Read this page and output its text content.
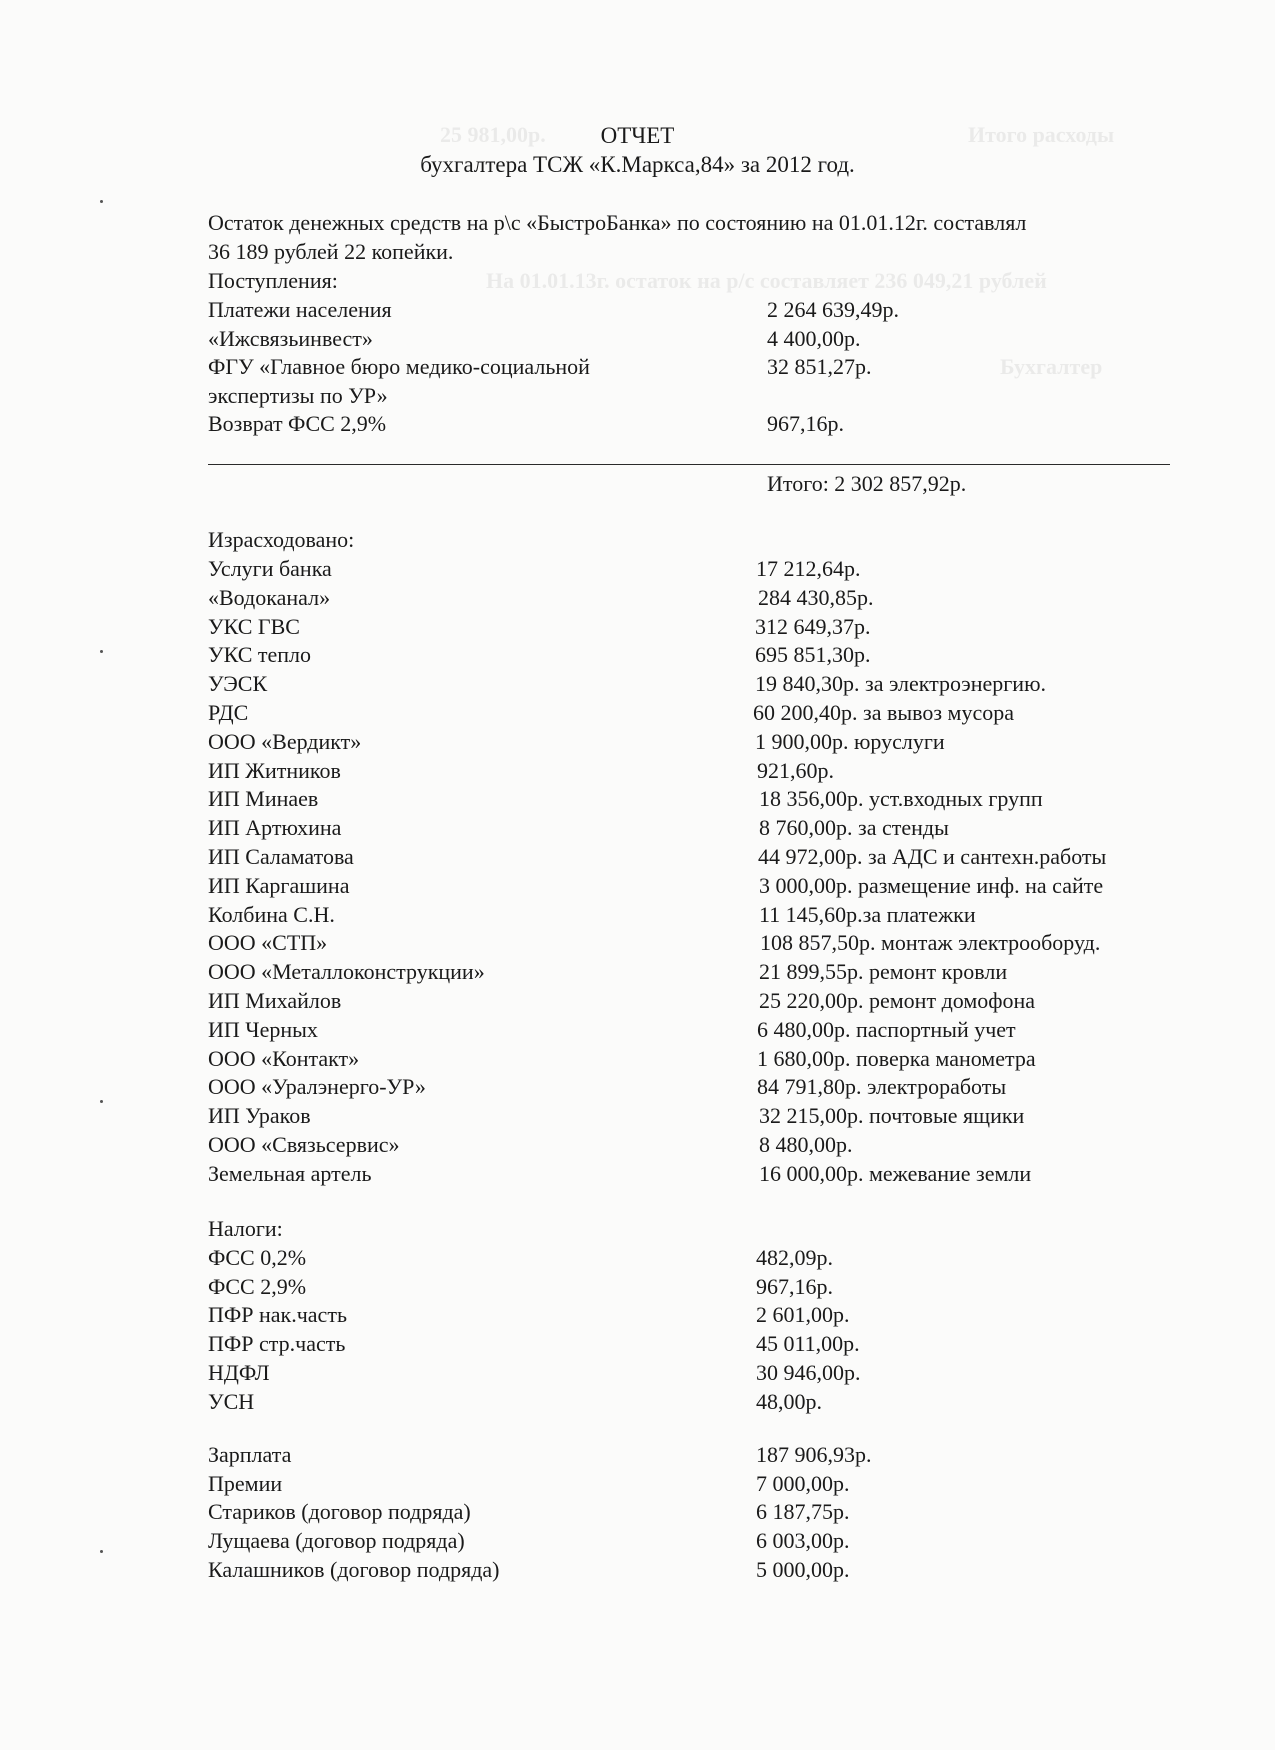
Итого расходы
25 981,00р.
На 01.01.13г. остаток на р/с составляет 236 049,21 рублей
Бухгалтер
ОТЧЕТ
бухгалтера ТСЖ «К.Маркса,84» за 2012 год.
Остаток денежных средств на р\с «БыстроБанка» по состоянию на 01.01.12г. составлял
36 189 рублей 22 копейки.
Поступления:
Платежи населения	2 264 639,49р.
«Ижсвязьинвест»	4 400,00р.
ФГУ «Главное бюро медико-социальной	32 851,27р.
экспертизы по УР»
Возврат ФСС 2,9%	967,16р.
Итого: 2 302 857,92р.
Израсходовано:
Услуги банка	17 212,64р.
«Водоканал»	284 430,85р.
УКС ГВС	312 649,37р.
УКС тепло	695 851,30р.
УЭСК	19 840,30р. за электроэнергию.
РДС	60 200,40р. за вывоз мусора
ООО «Вердикт»	1 900,00р. юруслуги
ИП Житников	921,60р.
ИП Минаев	18 356,00р. уст.входных групп
ИП Артюхина	8 760,00р. за стенды
ИП Саламатова	44 972,00р. за АДС и сантехн.работы
ИП Каргашина	3 000,00р. размещение инф. на сайте
Колбина С.Н.	11 145,60р.за платежки
ООО «СТП»	108 857,50р. монтаж электрооборуд.
ООО «Металлоконструкции»	21 899,55р. ремонт кровли
ИП Михайлов	25 220,00р. ремонт домофона
ИП Черных	6 480,00р. паспортный учет
ООО «Контакт»	1 680,00р. поверка манометра
ООО «Уралэнерго-УР»	84 791,80р. электроработы
ИП Ураков	32 215,00р. почтовые ящики
ООО «Связьсервис»	8 480,00р.
Земельная артель	16 000,00р. межевание земли
Налоги:
ФСС 0,2%	482,09р.
ФСС 2,9%	967,16р.
ПФР нак.часть	2 601,00р.
ПФР стр.часть	45 011,00р.
НДФЛ	30 946,00р.
УСН	48,00р.
Зарплата	187 906,93р.
Премии	7 000,00р.
Стариков (договор подряда)	6 187,75р.
Лущаева (договор подряда)	6 003,00р.
Калашников (договор подряда)	5 000,00р.
